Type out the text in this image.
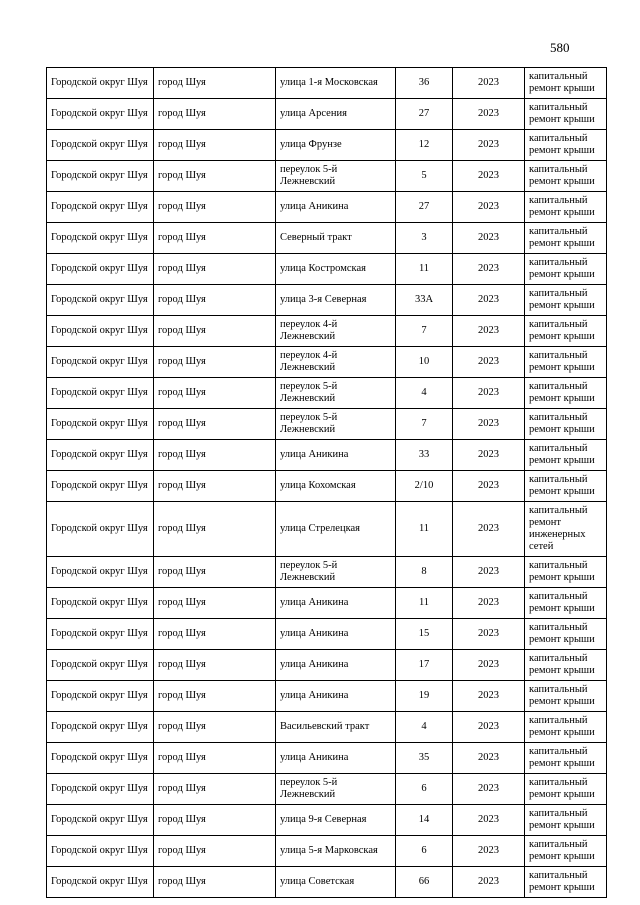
580
Городской округ Шуя	город Шуя	улица 1-я Московская	36	2023	капитальный ремонт крыши
Городской округ Шуя	город Шуя	улица Арсения	27	2023	капитальный ремонт крыши
Городской округ Шуя	город Шуя	улица Фрунзе	12	2023	капитальный ремонт крыши
Городской округ Шуя	город Шуя	переулок 5-й Лежневский	5	2023	капитальный ремонт крыши
Городской округ Шуя	город Шуя	улица Аникина	27	2023	капитальный ремонт крыши
Городской округ Шуя	город Шуя	Северный тракт	3	2023	капитальный ремонт крыши
Городской округ Шуя	город Шуя	улица Костромская	11	2023	капитальный ремонт крыши
Городской округ Шуя	город Шуя	улица 3-я Северная	33А	2023	капитальный ремонт крыши
Городской округ Шуя	город Шуя	переулок 4-й Лежневский	7	2023	капитальный ремонт крыши
Городской округ Шуя	город Шуя	переулок 4-й Лежневский	10	2023	капитальный ремонт крыши
Городской округ Шуя	город Шуя	переулок 5-й Лежневский	4	2023	капитальный ремонт крыши
Городской округ Шуя	город Шуя	переулок 5-й Лежневский	7	2023	капитальный ремонт крыши
Городской округ Шуя	город Шуя	улица Аникина	33	2023	капитальный ремонт крыши
Городской округ Шуя	город Шуя	улица Кохомская	2/10	2023	капитальный ремонт крыши
Городской округ Шуя	город Шуя	улица Стрелецкая	11	2023	капитальный ремонт инженерных сетей
Городской округ Шуя	город Шуя	переулок 5-й Лежневский	8	2023	капитальный ремонт крыши
Городской округ Шуя	город Шуя	улица Аникина	11	2023	капитальный ремонт крыши
Городской округ Шуя	город Шуя	улица Аникина	15	2023	капитальный ремонт крыши
Городской округ Шуя	город Шуя	улица Аникина	17	2023	капитальный ремонт крыши
Городской округ Шуя	город Шуя	улица Аникина	19	2023	капитальный ремонт крыши
Городской округ Шуя	город Шуя	Васильевский тракт	4	2023	капитальный ремонт крыши
Городской округ Шуя	город Шуя	улица Аникина	35	2023	капитальный ремонт крыши
Городской округ Шуя	город Шуя	переулок 5-й Лежневский	6	2023	капитальный ремонт крыши
Городской округ Шуя	город Шуя	улица 9-я Северная	14	2023	капитальный ремонт крыши
Городской округ Шуя	город Шуя	улица 5-я Марковская	6	2023	капитальный ремонт крыши
Городской округ Шуя	город Шуя	улица Советская	66	2023	капитальный ремонт крыши
